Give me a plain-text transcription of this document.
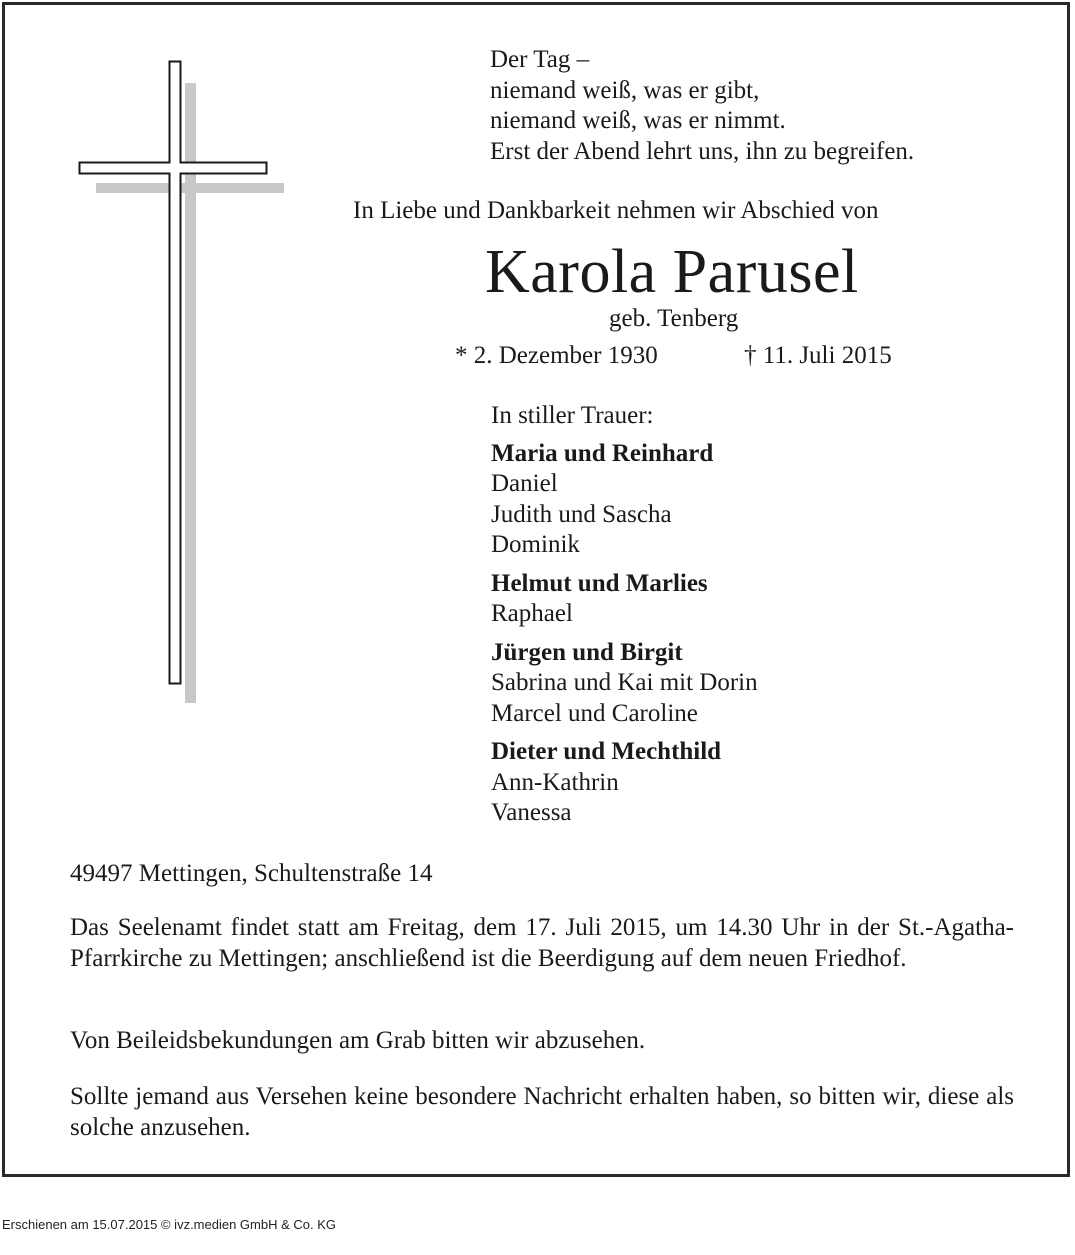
Der Tag –
niemand weiß, was er gibt,
niemand weiß, was er nimmt.
Erst der Abend lehrt uns, ihn zu begreifen.
In Liebe und Dankbarkeit nehmen wir Abschied von
Karola Parusel
geb. Tenberg
* 2. Dezember 1930	† 11. Juli 2015
In stiller Trauer:
Maria und Reinhard
Daniel
Judith und Sascha
Dominik
Helmut und Marlies
Raphael
Jürgen und Birgit
Sabrina und Kai mit Dorin
Marcel und Caroline
Dieter und Mechthild
Ann-Kathrin
Vanessa
49497 Mettingen, Schultenstraße 14
Das Seelenamt findet statt am Freitag, dem 17. Juli 2015, um 14.30 Uhr in der St.-Agatha-Pfarrkirche zu Mettingen; anschließend ist die Beerdigung auf dem neuen Friedhof.
Von Beileidsbekundungen am Grab bitten wir abzusehen.
Sollte jemand aus Versehen keine besondere Nachricht erhalten haben, so bitten wir, diese als solche anzusehen.
Erschienen am 15.07.2015 © ivz.medien GmbH & Co. KG
